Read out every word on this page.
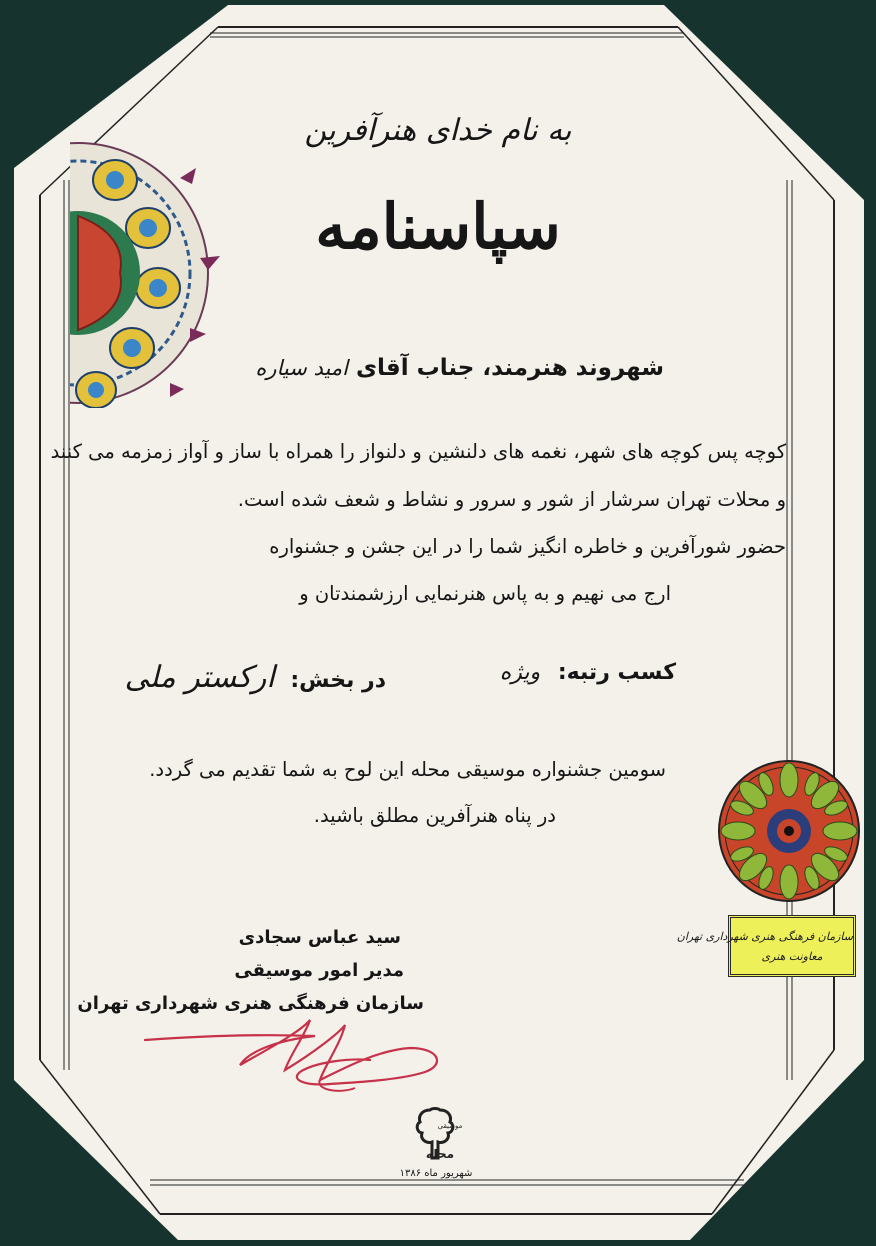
به نام خدای هنرآفرین
سپاسنامه
شهروند هنرمند، جناب آقای امید سیاره
کوچه پس کوچه های شهر، نغمه های دلنشین و دلنواز را همراه با ساز و آواز زمزمه می کنند
و محلات تهران سرشار از شور و سرور و نشاط و شعف شده است.
حضور شورآفرین و خاطره انگیز شما را در این جشن و جشنواره
ارج می نهیم و به پاس هنرنمایی ارزشمندتان و
کسب رتبه: ویژه
در بخش: ارکستر ملی
سومین جشنواره موسیقی محله این لوح به شما تقدیم می گردد.
در پناه هنرآفرین مطلق باشید.
سید عباس سجادی
مدیر امور موسیقی
سازمان فرهنگی هنری شهرداری تهران
سازمان فرهنگی هنری شهرداری تهران
معاونت هنری
موسیقی
محله
شهریور ماه ۱۳۸۶
